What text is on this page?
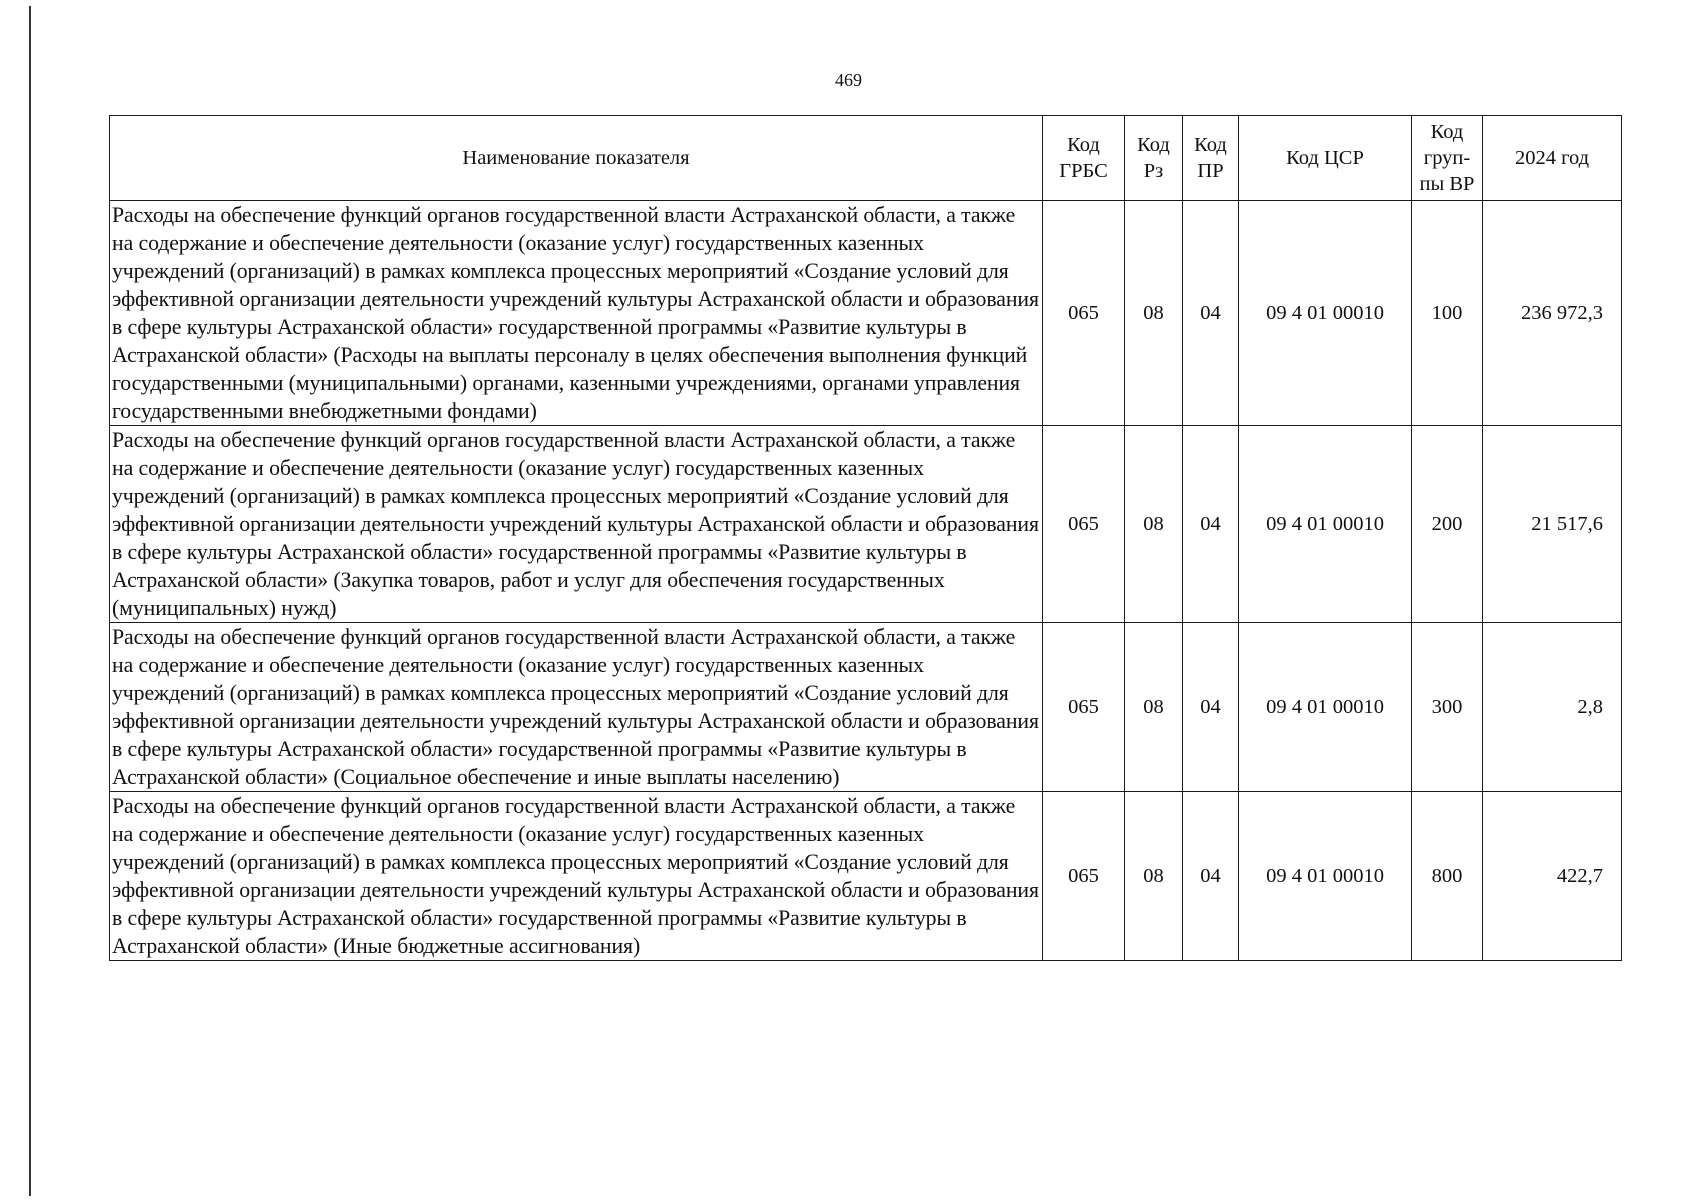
469
Наименование показателя	Код ГРБС	Код Рз	Код ПР	Код ЦСР	Код груп-пы ВР	2024 год
Расходы на обеспечение функций органов государственной власти Астраханской области, а также на содержание и обеспечение деятельности (оказание услуг) государственных казенных учреждений (организаций) в рамках комплекса процессных мероприятий «Создание условий для эффективной организации деятельности учреждений культуры Астраханской области и образования в сфере культуры Астраханской области» государственной программы «Развитие культуры в Астраханской области» (Расходы на выплаты персоналу в целях обеспечения выполнения функций государственными (муниципальными) органами, казенными учреждениями, органами управления государственными внебюджетными фондами)	065	08	04	09 4 01 00010	100	236 972,3
Расходы на обеспечение функций органов государственной власти Астраханской области, а также на содержание и обеспечение деятельности (оказание услуг) государственных казенных учреждений (организаций) в рамках комплекса процессных мероприятий «Создание условий для эффективной организации деятельности учреждений культуры Астраханской области и образования в сфере культуры Астраханской области» государственной программы «Развитие культуры в Астраханской области» (Закупка товаров, работ и услуг для обеспечения государственных (муниципальных) нужд)	065	08	04	09 4 01 00010	200	21 517,6
Расходы на обеспечение функций органов государственной власти Астраханской области, а также на содержание и обеспечение деятельности (оказание услуг) государственных казенных учреждений (организаций) в рамках комплекса процессных мероприятий «Создание условий для эффективной организации деятельности учреждений культуры Астраханской области и образования в сфере культуры Астраханской области» государственной программы «Развитие культуры в Астраханской области» (Социальное обеспечение и иные выплаты населению)	065	08	04	09 4 01 00010	300	2,8
Расходы на обеспечение функций органов государственной власти Астраханской области, а также на содержание и обеспечение деятельности (оказание услуг) государственных казенных учреждений (организаций) в рамках комплекса процессных мероприятий «Создание условий для эффективной организации деятельности учреждений культуры Астраханской области и образования в сфере культуры Астраханской области» государственной программы «Развитие культуры в Астраханской области» (Иные бюджетные ассигнования)	065	08	04	09 4 01 00010	800	422,7
